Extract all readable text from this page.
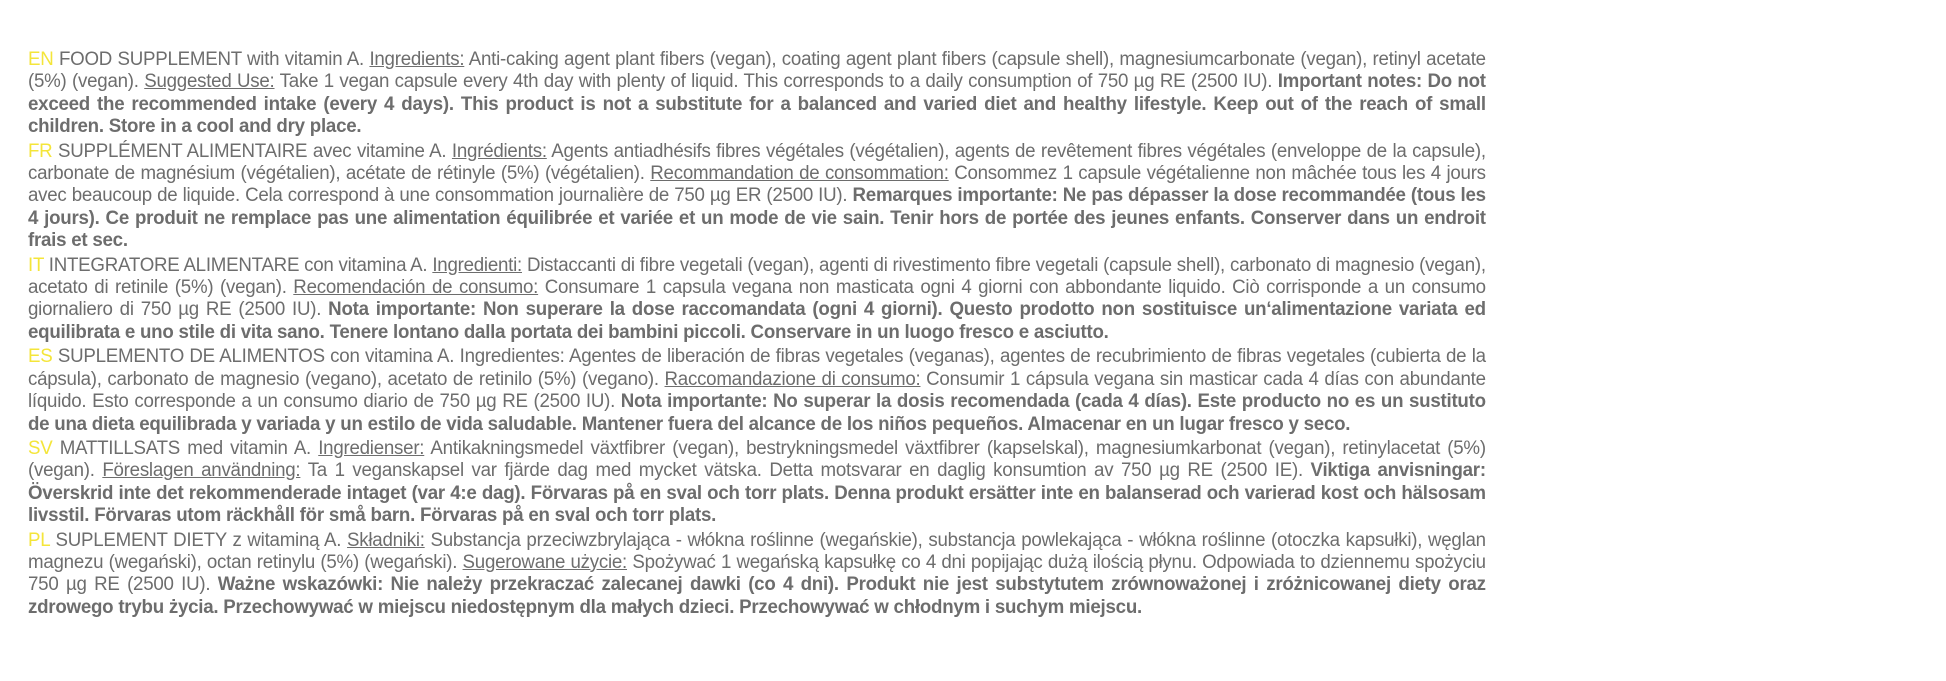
EN FOOD SUPPLEMENT with vitamin A. Ingredients: Anti-caking agent plant fibers (vegan), coating agent plant fibers (capsule shell), magnesiumcarbonate (vegan), retinyl acetate (5%) (vegan). Suggested Use: Take 1 vegan capsule every 4th day with plenty of liquid. This corresponds to a daily consumption of 750 µg RE (2500 IU). Important notes: Do not exceed the recommended intake (every 4 days). This product is not a substitute for a balanced and varied diet and healthy lifestyle. Keep out of the reach of small children. Store in a cool and dry place.

FR SUPPLÉMENT ALIMENTAIRE avec vitamine A. Ingrédients: Agents antiadhésifs fibres végétales (végétalien), agents de revêtement fibres végétales (enveloppe de la capsule), carbonate de magnésium (végétalien), acétate de rétinyle (5%) (végétalien). Recommandation de consommation: Consommez 1 capsule végétalienne non mâchée tous les 4 jours avec beaucoup de liquide. Cela correspond à une consommation journalière de 750 µg ER (2500 IU). Remarques importante: Ne pas dépasser la dose recommandée (tous les 4 jours). Ce produit ne remplace pas une alimentation équilibrée et variée et un mode de vie sain. Tenir hors de portée des jeunes enfants. Conserver dans un endroit frais et sec.

IT INTEGRATORE ALIMENTARE con vitamina A. Ingredienti: Distaccanti di fibre vegetali (vegan), agenti di rivestimento fibre vegetali (capsule shell), carbonato di magnesio (vegan), acetato di retinile (5%) (vegan). Recomendación de consumo: Consumare 1 capsula vegana non masticata ogni 4 giorni con abbondante liquido. Ciò corrisponde a un consumo giornaliero di 750 µg RE (2500 IU). Nota importante: Non superare la dose raccomandata (ogni 4 giorni). Questo prodotto non sostituisce un‘alimentazione variata ed equilibrata e uno stile di vita sano. Tenere lontano dalla portata dei bambini piccoli. Conservare in un luogo fresco e asciutto.

ES SUPLEMENTO DE ALIMENTOS con vitamina A. Ingredientes: Agentes de liberación de fibras vegetales (veganas), agentes de recubrimiento de fibras vegetales (cubierta de la cápsula), carbonato de magnesio (vegano), acetato de retinilo (5%) (vegano). Raccomandazione di consumo: Consumir 1 cápsula vegana sin masticar cada 4 días con abundante líquido. Esto corresponde a un consumo diario de 750 µg RE (2500 IU). Nota importante: No superar la dosis recomendada (cada 4 días). Este producto no es un sustituto de una dieta equilibrada y variada y un estilo de vida saludable. Mantener fuera del alcance de los niños pequeños. Almacenar en un lugar fresco y seco.

SV MATTILLSATS med vitamin A. Ingredienser: Antikakningsmedel växtfibrer (vegan), bestrykningsmedel växtfibrer (kapselskal), magnesiumkarbonat (vegan), retinylacetat (5%) (vegan). Föreslagen användning: Ta 1 veganskapsel var fjärde dag med mycket vätska. Detta motsvarar en daglig konsumtion av 750 µg RE (2500 IE). Viktiga anvisningar: Överskrid inte det rekommenderade intaget (var 4:e dag). Förvaras på en sval och torr plats. Denna produkt ersätter inte en balanserad och varierad kost och hälsosam livsstil. Förvaras utom räckhåll för små barn. Förvaras på en sval och torr plats.

PL SUPLEMENT DIETY z witaminą A. Składniki: Substancja przeciwzbrylająca - włókna roślinne (wegańskie), substancja powlekająca - włókna roślinne (otoczka kapsułki), węglan magnezu (wegański), octan retinylu (5%) (wegański). Sugerowane użycie: Spożywać 1 wegańską kapsułkę co 4 dni popijając dużą ilością płynu. Odpowiada to dziennemu spożyciu 750 µg RE (2500 IU). Ważne wskazówki: Nie należy przekraczać zalecanej dawki (co 4 dni). Produkt nie jest substytutem zrównoważonej i zróżnicowanej diety oraz zdrowego trybu życia. Przechowywać w miejscu niedostępnym dla małych dzieci. Przechowywać w chłodnym i suchym miejscu.
